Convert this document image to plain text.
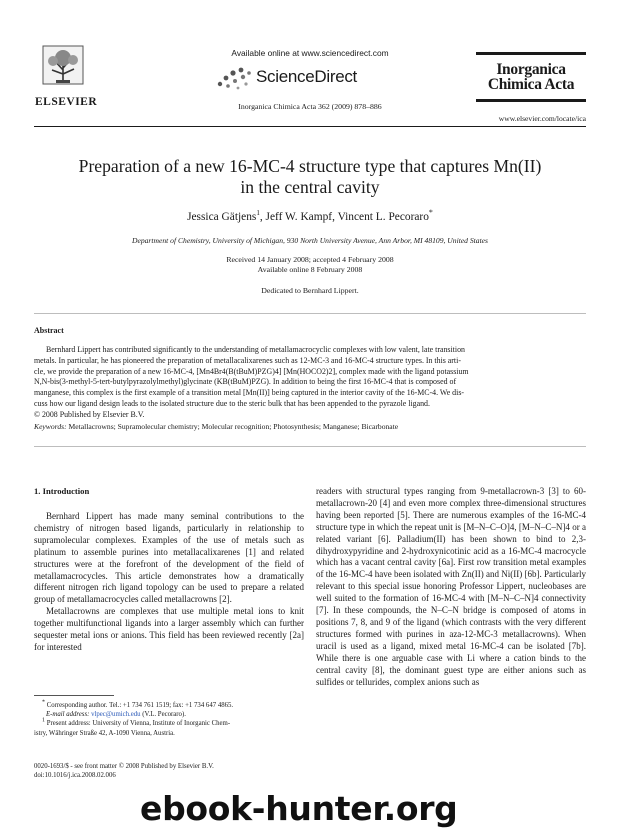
ELSEVIER
Available online at www.sciencedirect.com
ScienceDirect
Inorganica Chimica Acta 362 (2009) 878–886
Inorganica
Chimica Acta
www.elsevier.com/locate/ica
Preparation of a new 16-MC-4 structure type that captures Mn(II)
in the central cavity
Jessica Gätjens$^1$, Jeff W. Kampf, Vincent L. Pecoraro*
Department of Chemistry, University of Michigan, 930 North University Avenue, Ann Arbor, MI 48109, United States
Received 14 January 2008; accepted 4 February 2008
Available online 8 February 2008
Dedicated to Bernhard Lippert.
Abstract
Bernhard Lippert has contributed significantly to the understanding of metallamacrocyclic complexes with low valent, late transition
metals. In particular, he has pioneered the preparation of metallacalixarenes such as 12-MC-3 and 16-MC-4 structure types. In this arti-
cle, we provide the preparation of a new 16-MC-4, [Mn4Br4(B(tBuM)PZG)4] [Mn(HOCO2)2], complex made with the ligand potassium
N,N-bis(3-methyl-5-tert-butylpyrazolylmethyl)glycinate (KB(tBuM)PZG). In addition to being the first 16-MC-4 that is composed of
manganese, this complex is the first example of a transition metal [Mn(II)] being captured in the interior cavity of the 16-MC-4. We dis-
cuss how our ligand design leads to the isolated structure due to the steric bulk that has been appended to the pyrazole ligand.
© 2008 Published by Elsevier B.V.
Keywords: Metallacrowns; Supramolecular chemistry; Molecular recognition; Photosynthesis; Manganese; Bicarbonate
1. Introduction

Bernhard Lippert has made many seminal contributions to the chemistry of nitrogen based ligands, particularly in relationship to supramolecular complexes. Examples of the use of metals such as platinum to assemble purines into metallacalixarenes [1] and related structures were at the forefront of the development of the field of metallamacrocycles. This article demonstrates how a dramatically different nitrogen rich ligand topology can be used to prepare a related group of metallamacrocycles called metallacrowns [2].

Metallacrowns are complexes that use multiple metal ions to knit together multifunctional ligands into a larger assembly which can further sequester metal ions or anions. This field has been reviewed recently [2a] for interested

readers with structural types ranging from 9-metallacrown-3 [3] to 60-metallacrown-20 [4] and even more complex three-dimensional structures having been reported [5]. There are numerous examples of the 16-MC-4 structure type in which the repeat unit is [M–N–C–O]4, [M–N–C–N]4 or a related variant [6]. Palladium(II) has been shown to bind to 2,3-dihydroxypyridine and 2-hydroxynicotinic acid as a 16-MC-4 macrocycle which has a vacant central cavity [6a]. First row transition metal examples of the 16-MC-4 have been isolated with Zn(II) and Ni(II) [6b]. Particularly relevant to this special issue honoring Professor Lippert, nucleobases are well suited to the formation of 16-MC-4 with [M–N–C–N]4 connectivity [7]. In these compounds, the N–C–N bridge is composed of atoms in positions 7, 8, and 9 of the ligand (which contrasts with the very different structures formed with purines in aza-12-MC-3 metallacrowns). When uracil is used as a ligand, mixed metal 16-MC-4 can be isolated [7b]. While there is one arguable case with Li where a cation binds to the central cavity [8], the dominant guest type are either anions such as sulfides or tellurides, complex anions such as

* Corresponding author. Tel.: +1 734 761 1519; fax: +1 734 647 4865.
E-mail address: vlpec@umich.edu (V.L. Pecoraro).
1 Present address: University of Vienna, Institute of Inorganic Chem-
istry, Währinger Straße 42, A-1090 Vienna, Austria.
0020-1693/$ - see front matter © 2008 Published by Elsevier B.V.
doi:10.1016/j.ica.2008.02.006
ebook-hunter.org
